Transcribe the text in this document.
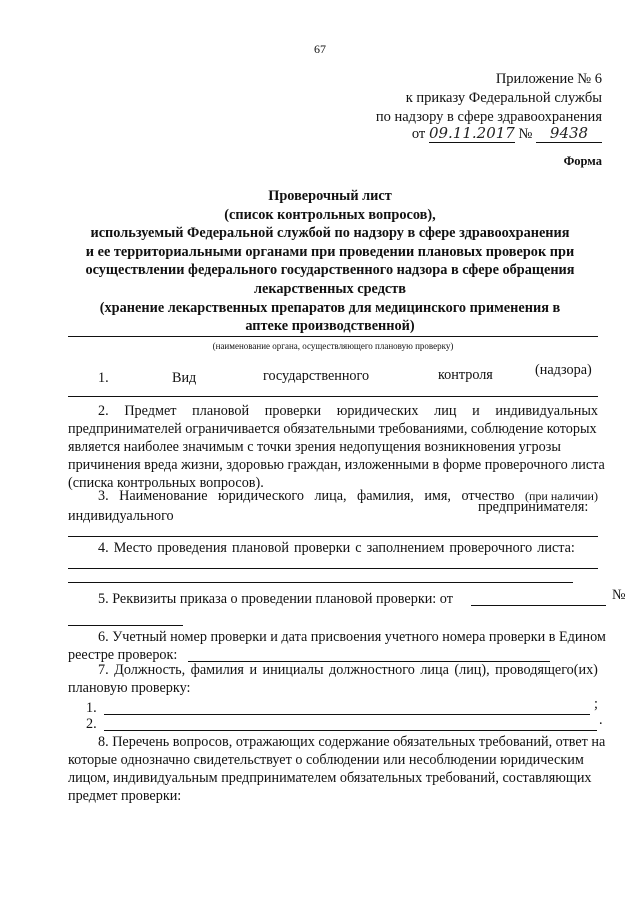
67
Приложение № 6
к приказу Федеральной службы
по надзору в сфере здравоохранения
от 09.11.2017 № 9438
Форма
Проверочный лист
(список контрольных вопросов),
используемый Федеральной службой по надзору в сфере здравоохранения
и ее территориальными органами при проведении плановых проверок при
осуществлении федерального государственного надзора в сфере обращения
лекарственных средств
(хранение лекарственных препаратов для медицинского применения в
аптеке производственной)
(наименование органа, осуществляющего плановую проверку)
1.	Вид	государственного	контроля	(надзора)
2. Предмет плановой проверки юридических лиц и индивидуальных
предпринимателей ограничивается обязательными требованиями, соблюдение которых
является наиболее значимым с точки зрения недопущения возникновения угрозы
причинения вреда жизни, здоровью граждан, изложенными в форме проверочного листа
(списка контрольных вопросов).
3. Наименование юридического лица, фамилия, имя, отчество (при наличии)
индивидуального
предпринимателя:
4. Место проведения плановой проверки с заполнением проверочного листа:
5. Реквизиты приказа о проведении плановой проверки: от	№
6. Учетный номер проверки и дата присвоения учетного номера проверки в Едином
реестре проверок:
7. Должность, фамилия и инициалы должностного лица (лиц), проводящего(их)
плановую проверку:
1.	;
2.	.
8. Перечень вопросов, отражающих содержание обязательных требований, ответ на
которые однозначно свидетельствует о соблюдении или несоблюдении юридическим
лицом, индивидуальным предпринимателем обязательных требований, составляющих
предмет проверки:
